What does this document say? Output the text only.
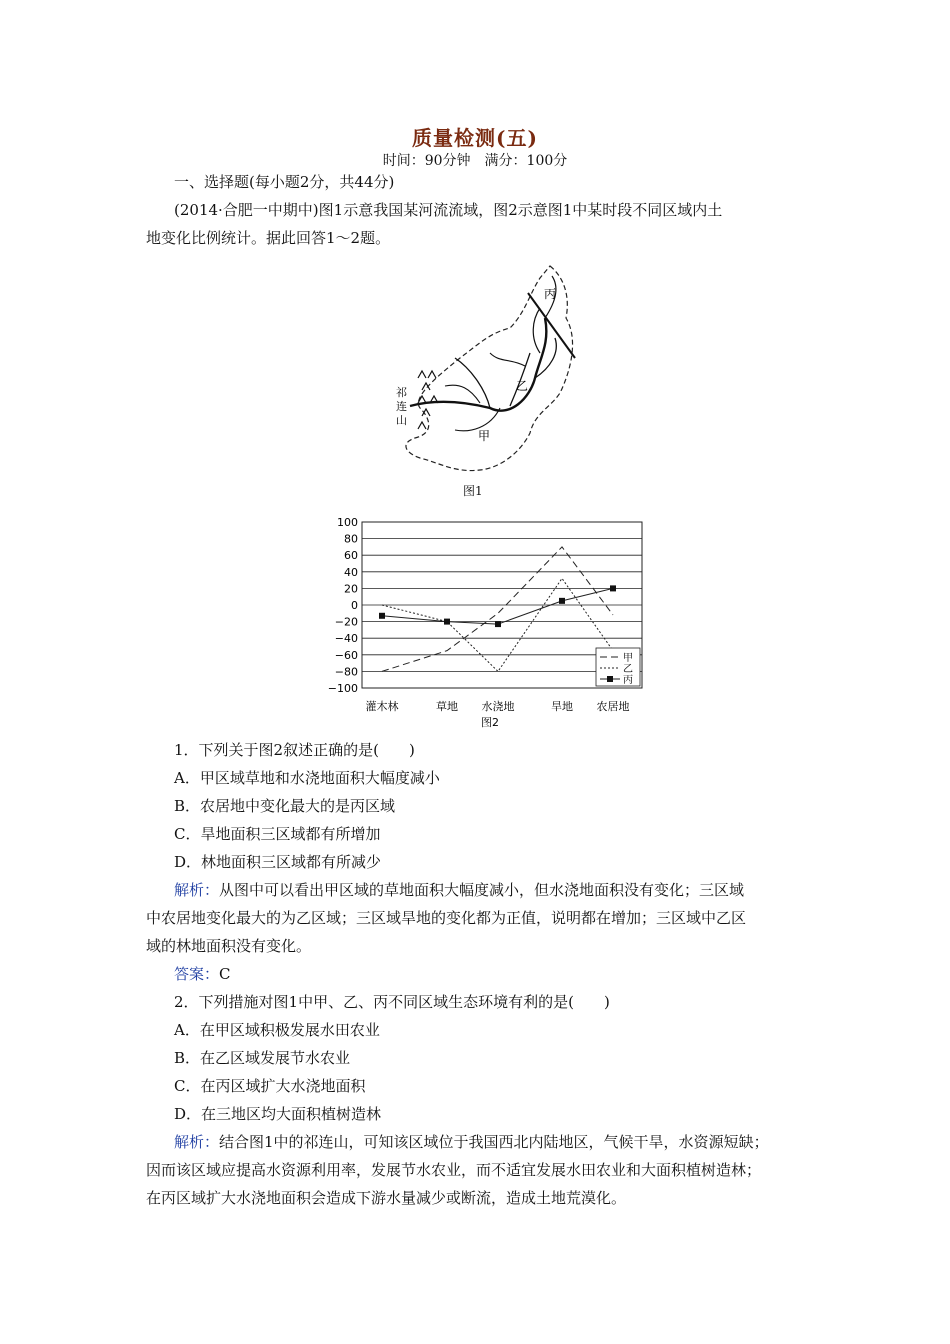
质量检测(五)
时间：90分钟　满分：100分
一、选择题(每小题2分，共44分)
(2014·合肥一中期中)图1示意我国某河流流域，图2示意图1中某时段不同区域内土
地变化比例统计。据此回答1～2题。
丙
乙
甲
祁
连
山
图1
100
80
60
40
20
0
−20
−40
−60
−80
−100
灌木林	草地 水浇地	旱地 农居地
图2
甲
乙
丙
1．下列关于图2叙述正确的是(　　)
A．甲区域草地和水浇地面积大幅度减小
B．农居地中变化最大的是丙区域
C．旱地面积三区域都有所增加
D．林地面积三区域都有所减少
解析：从图中可以看出甲区域的草地面积大幅度减小，但水浇地面积没有变化；三区域
中农居地变化最大的为乙区域；三区域旱地的变化都为正值，说明都在增加；三区域中乙区
域的林地面积没有变化。
答案：C
2．下列措施对图1中甲、乙、丙不同区域生态环境有利的是(　　)
A．在甲区域积极发展水田农业
B．在乙区域发展节水农业
C．在丙区域扩大水浇地面积
D．在三地区均大面积植树造林
解析：结合图1中的祁连山，可知该区域位于我国西北内陆地区，气候干旱，水资源短缺；
因而该区域应提高水资源利用率，发展节水农业，而不适宜发展水田农业和大面积植树造林；
在丙区域扩大水浇地面积会造成下游水量减少或断流，造成土地荒漠化。
